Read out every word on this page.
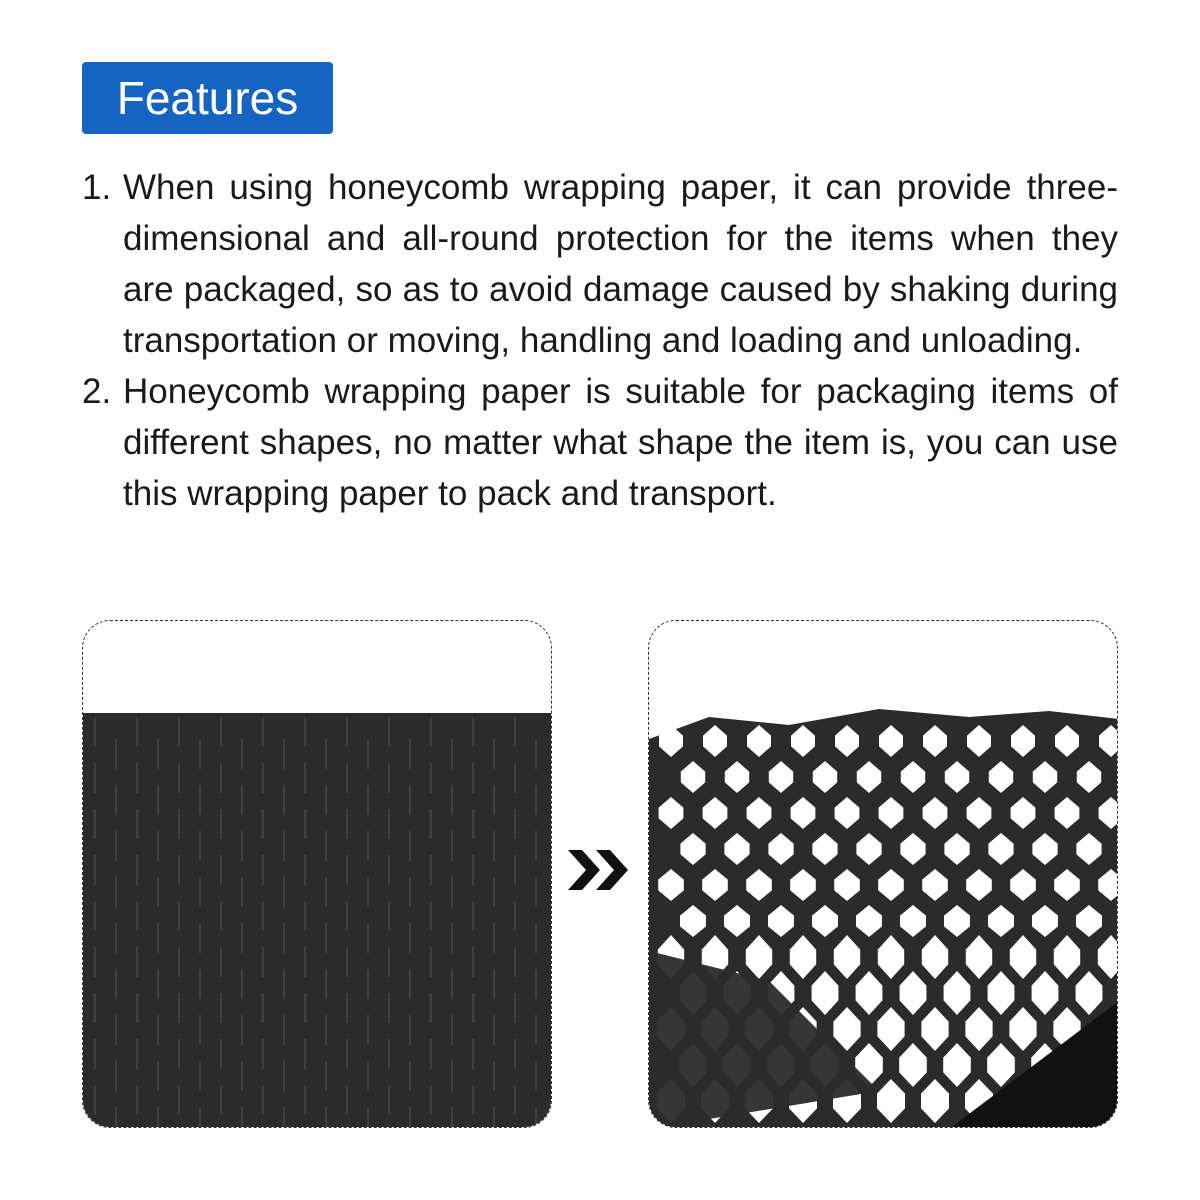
Features
1. When using honeycomb wrapping paper, it can provide three-dimensional and all-round protection for the items when they are packaged, so as to avoid damage caused by shaking during transportation or moving, handling and loading and unloading.
2. Honeycomb wrapping paper is suitable for packaging items of different shapes, no matter what shape the item is, you can use this wrapping paper to pack and transport.
